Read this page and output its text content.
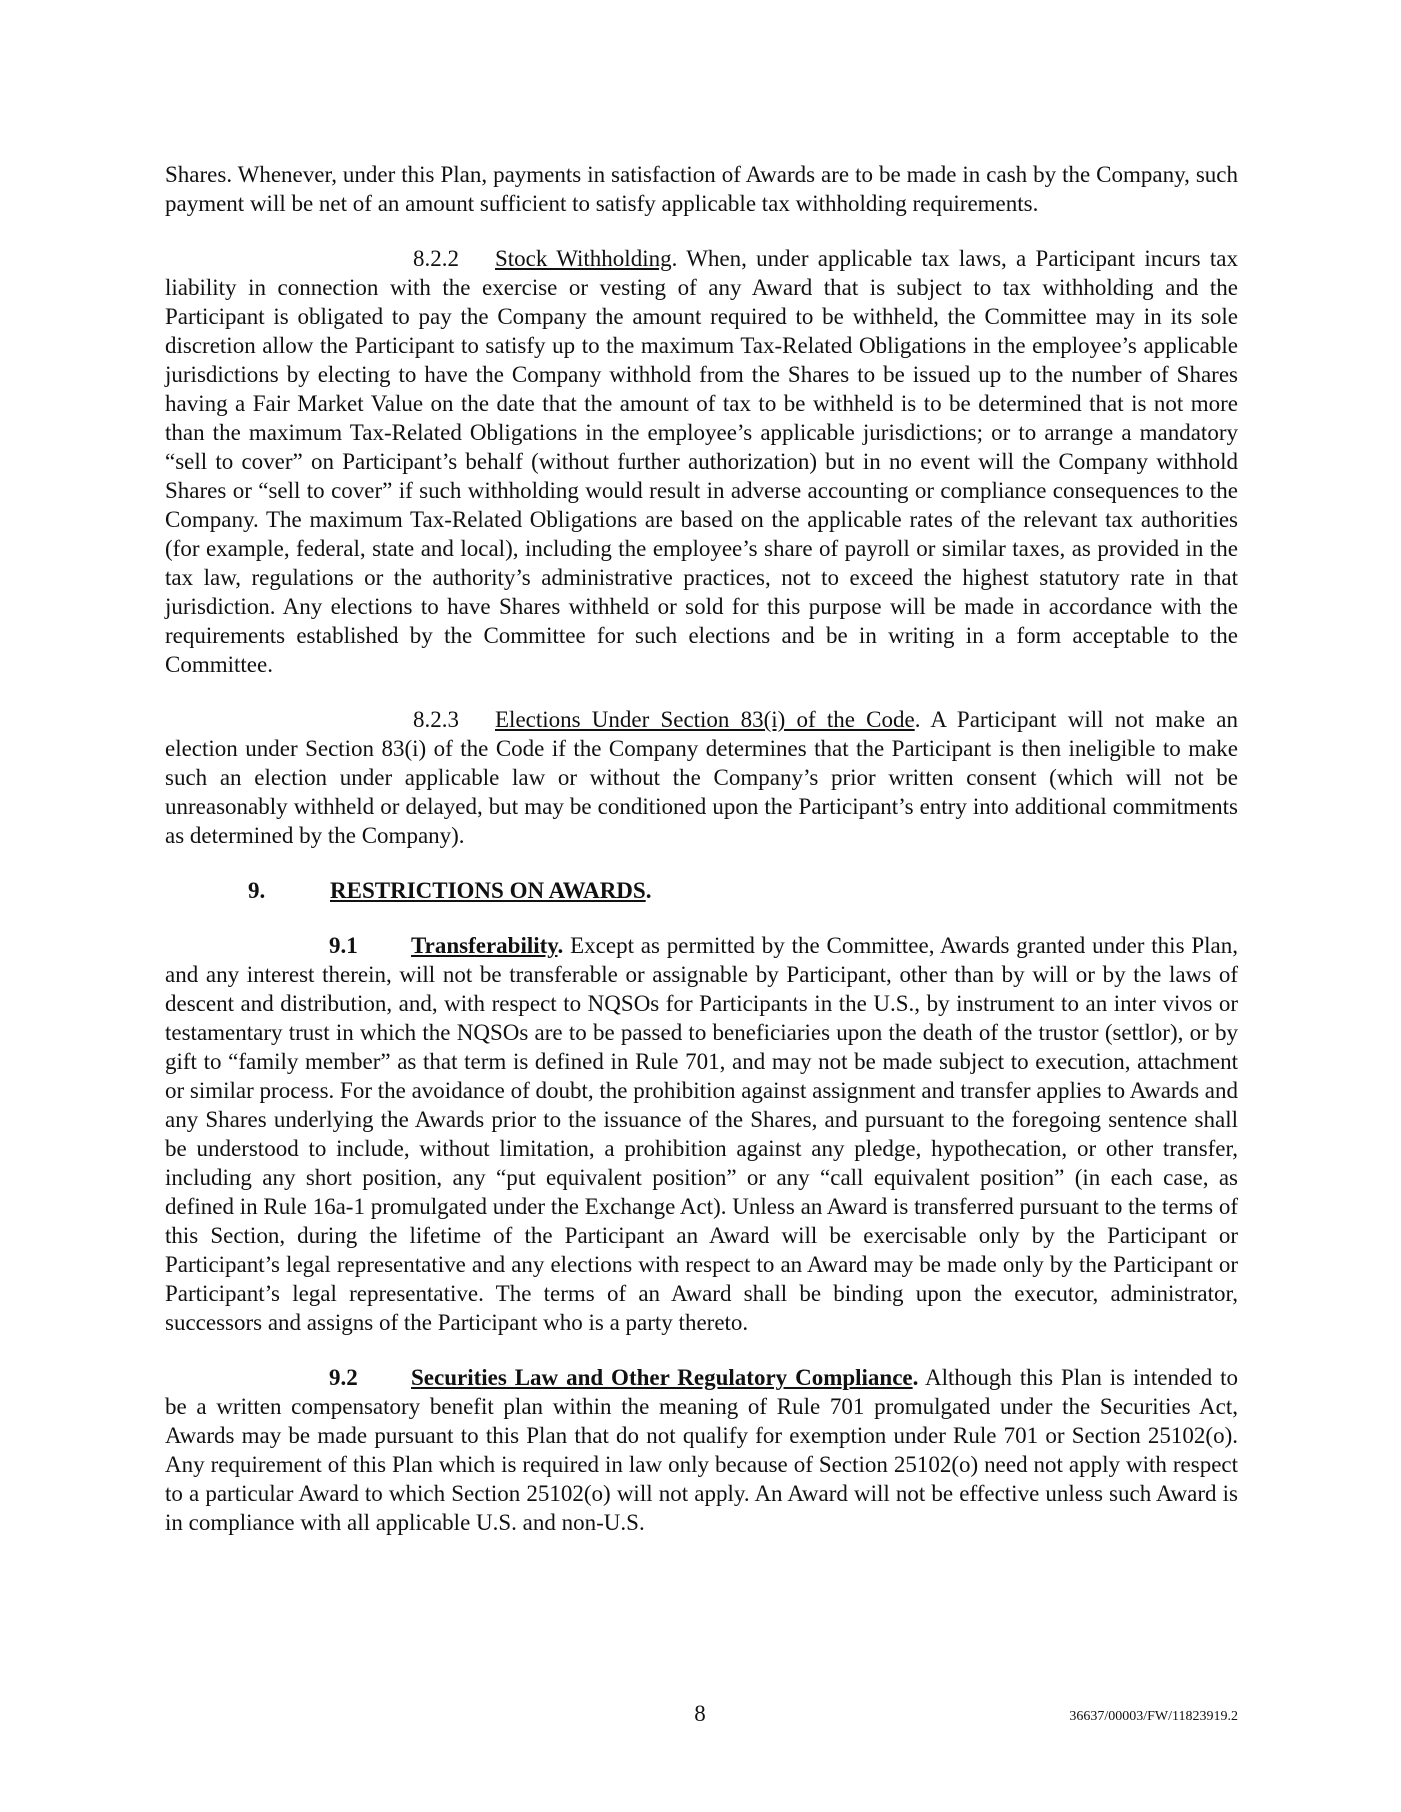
Shares. Whenever, under this Plan, payments in satisfaction of Awards are to be made in cash by the Company, such payment will be net of an amount sufficient to satisfy applicable tax withholding requirements.

8.2.2 Stock Withholding. When, under applicable tax laws, a Participant incurs tax liability in connection with the exercise or vesting of any Award that is subject to tax withholding and the Participant is obligated to pay the Company the amount required to be withheld, the Committee may in its sole discretion allow the Participant to satisfy up to the maximum Tax-Related Obligations in the employee’s applicable jurisdictions by electing to have the Company withhold from the Shares to be issued up to the number of Shares having a Fair Market Value on the date that the amount of tax to be withheld is to be determined that is not more than the maximum Tax-Related Obligations in the employee’s applicable jurisdictions; or to arrange a mandatory “sell to cover” on Participant’s behalf (without further authorization) but in no event will the Company withhold Shares or “sell to cover” if such withholding would result in adverse accounting or compliance consequences to the Company. The maximum Tax-Related Obligations are based on the applicable rates of the relevant tax authorities (for example, federal, state and local), including the employee’s share of payroll or similar taxes, as provided in the tax law, regulations or the authority’s administrative practices, not to exceed the highest statutory rate in that jurisdiction. Any elections to have Shares withheld or sold for this purpose will be made in accordance with the requirements established by the Committee for such elections and be in writing in a form acceptable to the Committee.

8.2.3 Elections Under Section 83(i) of the Code. A Participant will not make an election under Section 83(i) of the Code if the Company determines that the Participant is then ineligible to make such an election under applicable law or without the Company’s prior written consent (which will not be unreasonably withheld or delayed, but may be conditioned upon the Participant’s entry into additional commitments as determined by the Company).

9.	RESTRICTIONS ON AWARDS.

9.1 Transferability. Except as permitted by the Committee, Awards granted under this Plan, and any interest therein, will not be transferable or assignable by Participant, other than by will or by the laws of descent and distribution, and, with respect to NQSOs for Participants in the U.S., by instrument to an inter vivos or testamentary trust in which the NQSOs are to be passed to beneficiaries upon the death of the trustor (settlor), or by gift to “family member” as that term is defined in Rule 701, and may not be made subject to execution, attachment or similar process. For the avoidance of doubt, the prohibition against assignment and transfer applies to Awards and any Shares underlying the Awards prior to the issuance of the Shares, and pursuant to the foregoing sentence shall be understood to include, without limitation, a prohibition against any pledge, hypothecation, or other transfer, including any short position, any “put equivalent position” or any “call equivalent position” (in each case, as defined in Rule 16a-1 promulgated under the Exchange Act). Unless an Award is transferred pursuant to the terms of this Section, during the lifetime of the Participant an Award will be exercisable only by the Participant or Participant’s legal representative and any elections with respect to an Award may be made only by the Participant or Participant’s legal representative. The terms of an Award shall be binding upon the executor, administrator, successors and assigns of the Participant who is a party thereto.

9.2 Securities Law and Other Regulatory Compliance. Although this Plan is intended to be a written compensatory benefit plan within the meaning of Rule 701 promulgated under the Securities Act, Awards may be made pursuant to this Plan that do not qualify for exemption under Rule 701 or Section 25102(o). Any requirement of this Plan which is required in law only because of Section 25102(o) need not apply with respect to a particular Award to which Section 25102(o) will not apply. An Award will not be effective unless such Award is in compliance with all applicable U.S. and non-U.S.

8	36637/00003/FW/11823919.2
